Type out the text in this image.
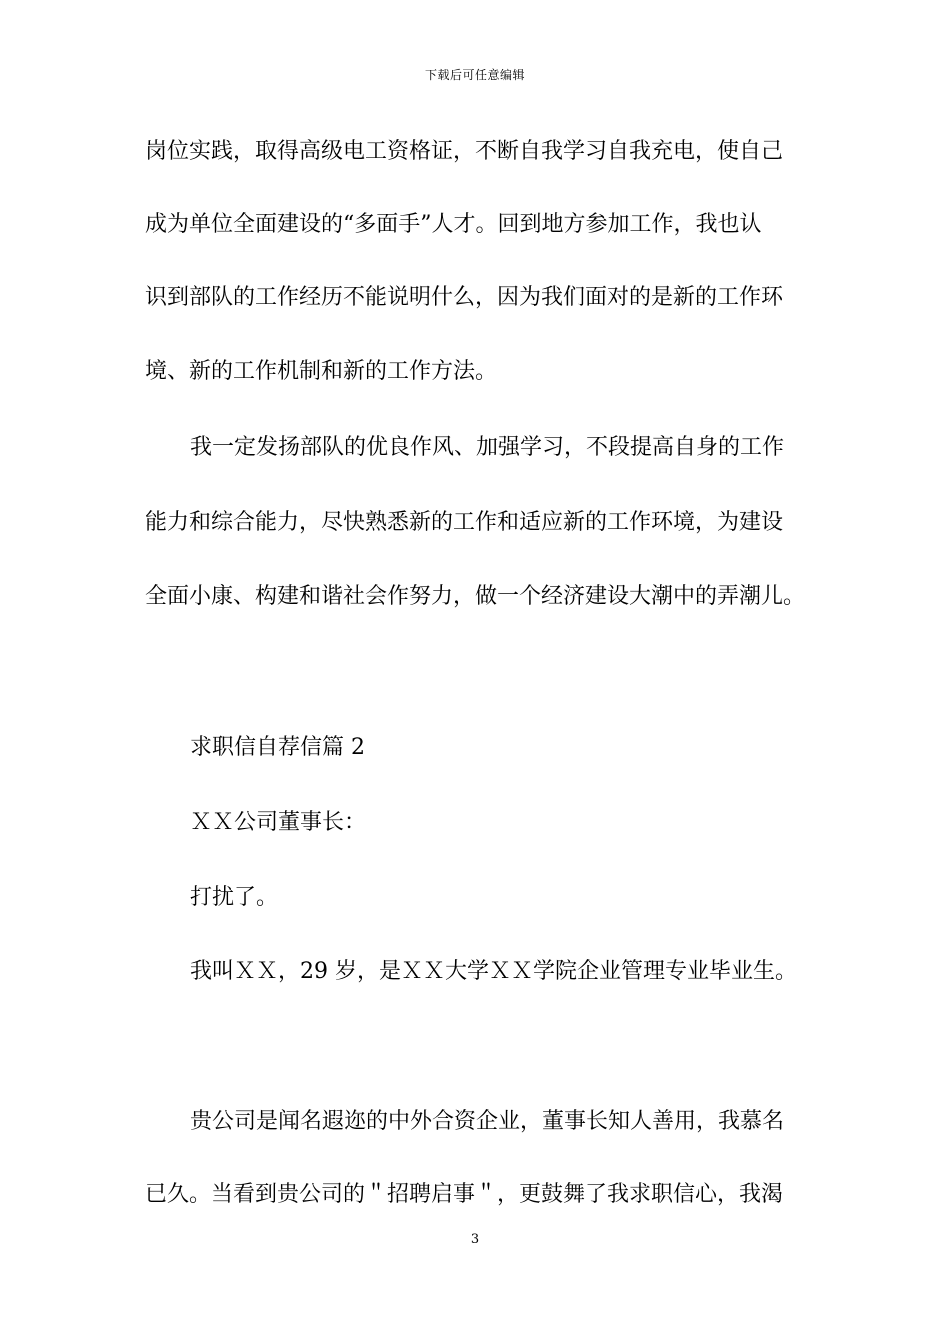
下载后可任意编辑
岗位实践，取得高级电工资格证，不断自我学习自我充电，使自己
成为单位全面建设的“多面手”人才。回到地方参加工作，我也认
识到部队的工作经历不能说明什么，因为我们面对的是新的工作环
境、新的工作机制和新的工作方法。
我一定发扬部队的优良作风、加强学习，不段提高自身的工作
能力和综合能力，尽快熟悉新的工作和适应新的工作环境，为建设
全面小康、构建和谐社会作努力，做一个经济建设大潮中的弄潮儿。
求职信自荐信篇 2
ＸＸ公司董事长：
打扰了。
我叫ＸＸ，29 岁，是ＸＸ大学ＸＸ学院企业管理专业毕业生。
贵公司是闻名遐迩的中外合资企业，董事长知人善用，我慕名
已久。当看到贵公司的＂招聘启事＂，更鼓舞了我求职信心，我渴
3
